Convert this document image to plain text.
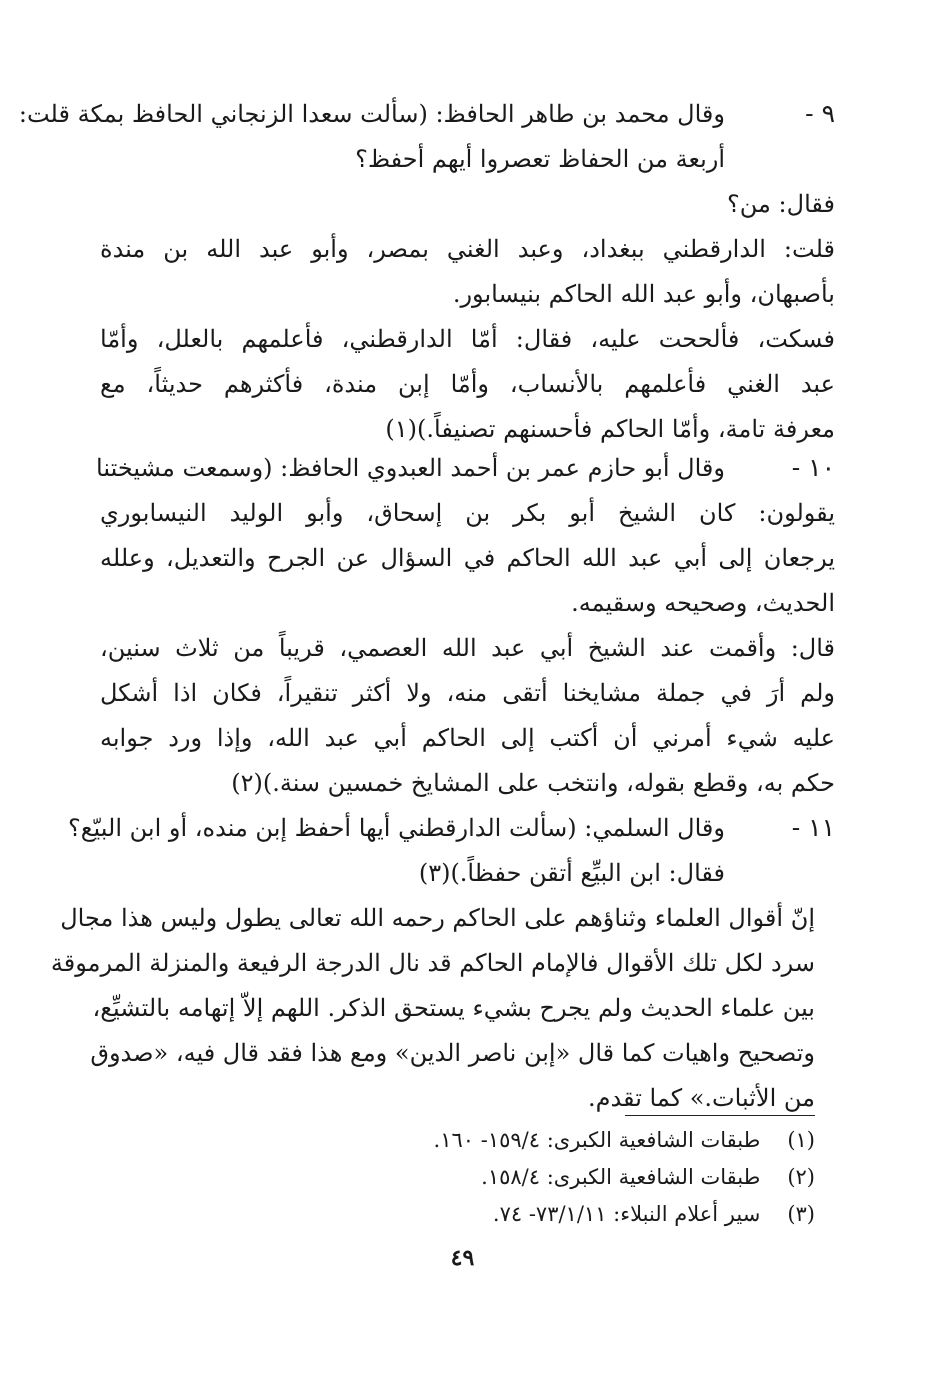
٩ -
وقال محمد بن طاهر الحافظ: (سألت سعدا الزنجاني الحافظ بمكة قلت:
أربعة من الحفاظ تعصروا أيهم أحفظ؟
فقال: من؟
قلت: الدارقطني ببغداد، وعبد الغني بمصر، وأبو عبد الله بن مندة
بأصبهان، وأبو عبد الله الحاكم بنيسابور.
فسكت، فألححت عليه، فقال: أمّا الدارقطني، فأعلمهم بالعلل، وأمّا
عبد الغني فأعلمهم بالأنساب، وأمّا إبن مندة، فأكثرهم حديثاً، مع
معرفة تامة، وأمّا الحاكم فأحسنهم تصنيفاً.)(١)
١٠ -
وقال أبو حازم عمر بن أحمد العبدوي الحافظ: (وسمعت مشيختنا
يقولون: كان الشيخ أبو بكر بن إسحاق، وأبو الوليد النيسابوري
يرجعان إلى أبي عبد الله الحاكم في السؤال عن الجرح والتعديل، وعلله
الحديث، وصحيحه وسقيمه.
قال: وأقمت عند الشيخ أبي عبد الله العصمي، قريباً من ثلاث سنين،
ولم أرَ في جملة مشايخنا أتقى منه، ولا أكثر تنقيراً، فكان اذا أشكل
عليه شيء أمرني أن أكتب إلى الحاكم أبي عبد الله، وإذا ورد جوابه
حكم به، وقطع بقوله، وانتخب على المشايخ خمسين سنة.)(٢)
١١ -
وقال السلمي: (سألت الدارقطني أيها أحفظ إبن منده، أو ابن البيّع؟
فقال: ابن البيِّع أتقن حفظاً.)(٣)
إنّ أقوال العلماء وثناؤهم على الحاكم رحمه الله تعالى يطول وليس هذا مجال
سرد لكل تلك الأقوال فالإمام الحاكم قد نال الدرجة الرفيعة والمنزلة المرموقة
بين علماء الحديث ولم يجرح بشيء يستحق الذكر. اللهم إلاّ إتهامه بالتشيِّع،
وتصحيح واهيات كما قال «إبن ناصر الدين» ومع هذا فقد قال فيه، «صدوق
من الأثبات.» كما تقدم.
(١) طبقات الشافعية الكبرى: ١٥٩/٤- ١٦٠.
(٢) طبقات الشافعية الكبرى: ١٥٨/٤.
(٣) سير أعلام النبلاء: ٧٣/١/١١- ٧٤.
٤٩
